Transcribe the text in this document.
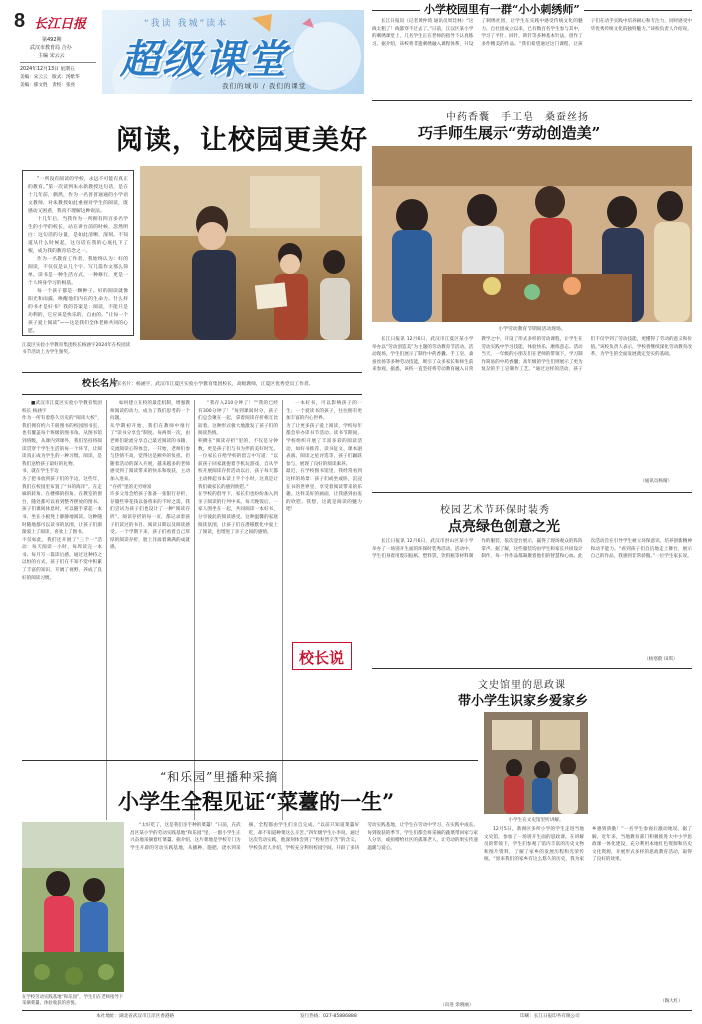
8 长江日报
第492期
武汉市教育局 合办
主编 宋云云
2024年12月13日 星期五
美编：宋云云　版式：汤紫华
美编：郁文胜　责校：张亮
“我读 我城”读本
超级课堂
我们的城市 / 我们的课堂
阅读，让校园更美好

“一所没有阅读的学校，永远不可能有真正的教育。”第一次读到朱永新教授这句话，是在十几年前，偶然，作为一名普普通通的小学语文教师，对朱教授如此重视对学生的阅读，既感动又困惑，我真不理解这种说法。

十几年后，当我作为一所拥有四百多名学生的小学的校长，站在讲台前的时候，忽然明白：这句话的分量，是如此清晰、深刻。不知道从什么时候起，这句话在我的心底扎下了根，成为我的教育信念之一。

作为一名教育工作者，我始终认为：好的阅读，不仅仅是认几个字、写几篇作文那么简单。读书是一种生活方式，一种修行，更是一个人终身学习的根基。

每一个孩子都是一颗种子。好的阅读就像阳光和雨露，唤醒他们内在的生命力。什么样的书才是好书？我的答案是：阅读，不能只是功利的，它应该是快乐的、自由的。“让每一个孩子爱上阅读”——这是我们全体老师共同的心愿。

江夏区实验小学教育集团校长杨涵宇2024年在校园读书节活动上为学生颁奖。
校长名片：杨涵宇，武汉市江夏区实验小学教育集团校长，高级教师，江夏区优秀党员工作者。
校长名片
■武汉市江夏区实验小学教育集团校长 杨涵宇
作为一所有着悠久历史的“阅读大校”，我们拥有约六千册图书的校园图书室，也有覆盖每个班级的图书角。从图书馆到班级，从课内到课外，我们坚持将阅读贯穿于学生生活的每一个环节，让阅读真正成为学生的一种习惯。阅读，是我们送给孩子最好的礼物。
书，就在学生手边
为了把书放到孩子们的手边，这些年，我们在校园里布置了“书的海洋”。在走廊的转角、在楼梯的拐角、在教室的窗台，随处都可以看到整齐摆放的图书。孩子们课间休息时，可以随手拿起一本书，坐在小板凳上静静地阅读。这种随时随地都可以读书的氛围，让孩子们渐渐爱上了阅读，喜欢上了图书。
不仅如此，我们还开展了“三个一”活动：每天阅读一小时、每周读完一本书、每月写一篇读后感。通过这种持之以恒的方式，孩子们在不知不觉中积累了丰富的知识，开阔了视野，养成了良好的阅读习惯。
如何建立在校的最佳机制，增强教师阅读的动力，成为了我们思考的一个问题。
从学期初开始，我们在教师中推行了“读书分享会”制度。每两周一次，由老师们轮流分享自己最近阅读的书籍，交流阅读心得体会。一开始，老师们参与热情不高，觉得这是额外的负担。但随着活动的深入开展，越来越多的老师感受到了阅读带来的快乐和收获，主动加入进来。
“存折”里的无穷财富
许多父母会给孩子准备一张银行存折，存储些零花钱以备将来的不时之需。我们尝试为孩子们也设计了一种“阅读存折”。阅读存折的每一页，都记录着孩子们读过的书目、阅读日期以及阅读感受。一个学期下来，孩子们看着自己厚厚的阅读存折，脸上洋溢着满满的成就感。
“我存入210分钟了！”“我的已经有300分钟了！”每到课间时分，孩子们总会聚在一起，拿着阅读存折相互比较着。这种形式极大地激发了孩子们的阅读热情。
积攒在“阅读存折”里的，不仅是分钟数，更是孩子们与书为伴的美好时光。一位家长在给学校的留言中写道：“以前孩子回家就抱着手机玩游戏，自从学校开展阅读存折活动以后，孩子每天都主动捧起书本读上半个小时，这真是让我们做家长的感到欣慰。”
在学校的倡导下，家长们也纷纷加入到亲子阅读的行列中来。每天晚饭后，一家人围坐在一起，共同阅读一本好书，分享彼此的阅读感受。这种温馨的家庭阅读氛围，让孩子们在潜移默化中爱上了阅读，也增进了亲子之间的感情。
一本好书，可以影响孩子的一生；一个爱读书的孩子，往往拥有更加丰富的内心世界。
为了让更多孩子爱上阅读，学校每年都会举办读书节活动。读书节期间，学校组织开展了丰富多彩的阅读活动，如好书推荐、读书征文、课本剧表演、阅读之星评选等，孩子们踊跃参与，展现了良好的阅读素养。
最近，在学校图书馆里，我经常看到这样的场景：孩子们或坐或卧，沉浸在书的世界里，享受着阅读带来的乐趣。这样美好的画面，让我感到由衷的欣慰。我想，这就是阅读的魅力吧！
校长说
小学校园里有一群“小小刺绣师”
长江日报讯（记者黄仲琦 通讯员周廷林）“这线太粗了！线都穿不过去了。”日前，江汉区某小学的刺绣课堂上，几名学生正在老师的指导下认真练习。据介绍，该校将非遗刺绣融入课程体系，开设了刺绣社团，让学生在实践中感受传统文化的魅力。自社团成立以来，已有数百名学生参与其中，学习了平针、回针、锁针等多种基本针法，创作了多件精美的作品。“我们希望通过这门课程，让孩子们在动手实践中培养耐心和专注力，同时感受中华优秀传统文化的独特魅力。”该校负责人介绍说。
中药香囊　手工皂　桑蚕丝扬
巧手师生展示“劳动创造美”
小学劳动教育节期间活动现场。
长江日报讯 12月6日，武汉市江夏区某小学举办以“劳动创造美”为主题的劳动教育节活动。活动现场，学生们展示了制作中药香囊、手工皂、桑蚕丝扬等多种劳动技能，吸引了众多家长和师生前来参观。据悉，该校一直坚持将劳动教育融入日常教学之中，开设了形式多样的劳动课程，让学生在劳动实践中学习技能、体验快乐、磨炼意志。活动当天，一年级的小朋友们在老师的带领下，学习制作简易的中药香囊；高年级的学生们则展示了更为复杂的手工皂制作工艺。“通过这样的活动，孩子们不仅学到了劳动技能，更懂得了劳动的意义和价值。”该校负责人表示，学校将继续深化劳动教育改革，为学生的全面发展奠定坚实的基础。
（通讯员杨晴）
校园艺术节环保时装秀
点亮绿色创意之光
长江日报讯 12月6日，武汉市洪山区某小学举办了一场别开生面的环保时装秀活动。活动中，学生们身着用废旧报纸、塑料袋、饮料瓶等材料制作的服装，依次登台展示，赢得了现场观众的阵阵掌声。据了解，这些服装均由学生和家长共同设计制作，每一件作品都凝聚着他们的智慧和心血。此次活动旨在引导学生树立环保意识，培养创新精神和动手能力。“看到孩子们自信地走上舞台，展示自己的作品，我感到非常骄傲。”一位学生家长说。
（杨寒蔚 田琪）
文史馆里的思政课
带小学生识家乡爱家乡
小学生在文史馆里听讲解。
12月5日，新洲区多所小学的学生走进当地文史馆，参加了一场别开生面的思政课。在讲解员的带领下，学生们参观了馆内丰富的历史文物和图片资料，了解了家乡的发展历程和光荣传统。“原来我们的家乡有这么悠久的历史，我为家乡感到骄傲！”一名学生参观后激动地说。据了解，近年来，当地教育部门积极推进大中小学思政课一体化建设，充分利用本地红色资源和历史文化资源，开展形式多样的思政教育活动，取得了良好的效果。
（陶大红）
“和乐园”里播种采摘
小学生全程见证“菜薹的一生”
在学校劳动实践基地“和乐园”，学生们在老师指导下采摘菜薹，体验收获的喜悦。
“太好吃了，这是我们亲手种的菜薹！”日前，在武昌区某小学的劳动实践基地“和乐园”里，一群小学生正兴奋地采摘着红菜薹。据介绍，这片菜地是学校专门为学生开辟的劳动实践基地，从播种、施肥、浇水到采摘，全程都由学生们亲自完成。“以前只知道菜薹好吃，却不知道种菜这么辛苦。”四年级学生小李说，通过这次劳动实践，他深刻体会到了“粒粒皆辛苦”的含义。学校负责人介绍，学校充分利用校园空间，开辟了多块劳动实践基地，让学生在劳动中学习、在实践中成长。每到收获的季节，学生们都会将采摘的蔬菜带回家与家人分享，或捐赠给社区的孤寡老人，让劳动的果实传递温暖与爱心。
（向进 余晓丽）
本社地址：湖北省武汉市江岸区香港路	发行热线：027-85886888	印刷：长江日报印务有限公司
